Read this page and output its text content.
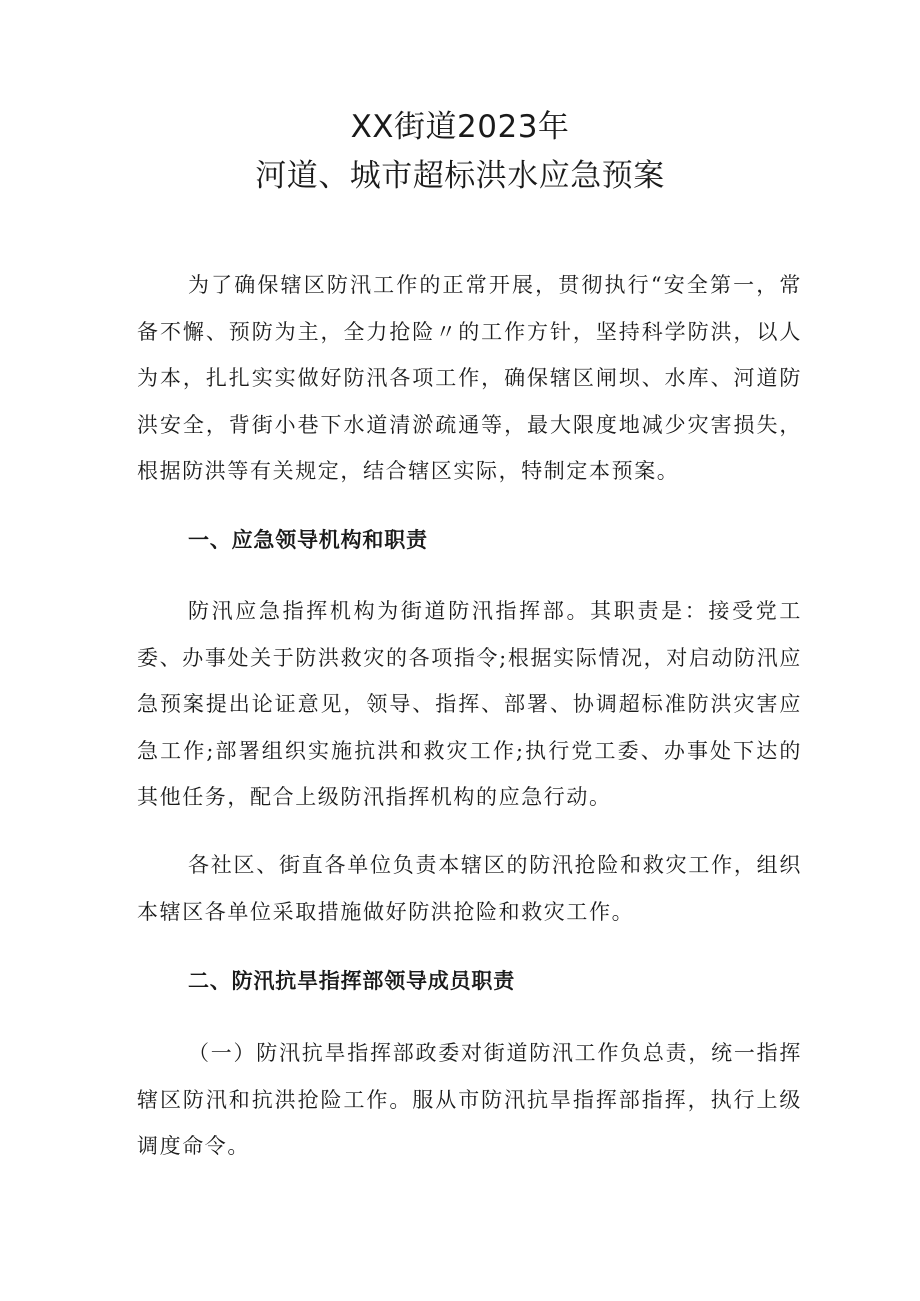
XX街道2023年
河道、城市超标洪水应急预案

为了确保辖区防汛工作的正常开展，贯彻执行“安全第一，常备不懈、预防为主，全力抢险〃的工作方针，坚持科学防洪，以人为本，扎扎实实做好防汛各项工作，确保辖区闸坝、水库、河道防洪安全，背街小巷下水道清淤疏通等，最大限度地减少灾害损失，根据防洪等有关规定，结合辖区实际，特制定本预案。

一、应急领导机构和职责

防汛应急指挥机构为街道防汛指挥部。其职责是：接受党工委、办事处关于防洪救灾的各项指令;根据实际情况，对启动防汛应急预案提出论证意见，领导、指挥、部署、协调超标准防洪灾害应急工作;部署组织实施抗洪和救灾工作;执行党工委、办事处下达的其他任务，配合上级防汛指挥机构的应急行动。

各社区、街直各单位负责本辖区的防汛抢险和救灾工作，组织本辖区各单位采取措施做好防洪抢险和救灾工作。

二、防汛抗旱指挥部领导成员职责

（一）防汛抗旱指挥部政委对街道防汛工作负总责，统一指挥辖区防汛和抗洪抢险工作。服从市防汛抗旱指挥部指挥，执行上级调度命令。
